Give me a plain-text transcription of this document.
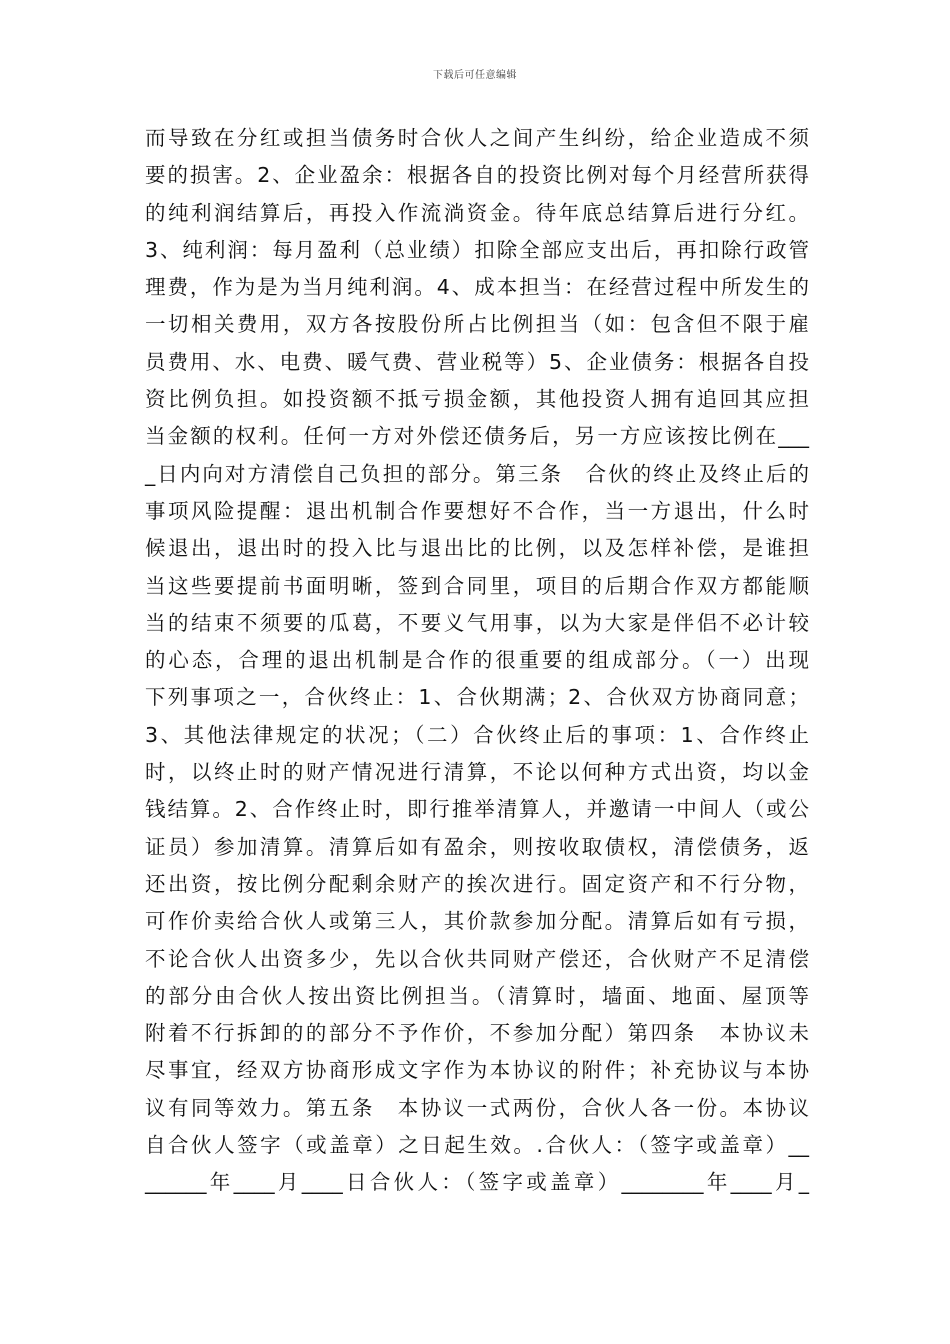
下载后可任意编辑
而导致在分红或担当债务时合伙人之间产生纠纷，给企业造成不须
要的损害。2、企业盈余：根据各自的投资比例对每个月经营所获得
的纯利润结算后，再投入作流淌资金。待年底总结算后进行分红。
3、纯利润：每月盈利（总业绩）扣除全部应支出后，再扣除行政管
理费，作为是为当月纯利润。4、成本担当：在经营过程中所发生的
一切相关费用，双方各按股份所占比例担当（如：包含但不限于雇
员费用、水、电费、暖气费、营业税等）5、企业债务：根据各自投
资比例负担。如投资额不抵亏损金额，其他投资人拥有追回其应担
当金额的权利。任何一方对外偿还债务后，另一方应该按比例在___
_日内向对方清偿自己负担的部分。第三条　合伙的终止及终止后的
事项风险提醒：退出机制合作要想好不合作，当一方退出，什么时
候退出，退出时的投入比与退出比的比例，以及怎样补偿，是谁担
当这些要提前书面明晰，签到合同里，项目的后期合作双方都能顺
当的结束不须要的瓜葛，不要义气用事，以为大家是伴侣不必计较
的心态，合理的退出机制是合作的很重要的组成部分。（一）出现
下列事项之一，合伙终止：1、合伙期满；2、合伙双方协商同意；
3、其他法律规定的状况；（二）合伙终止后的事项：1、合作终止
时，以终止时的财产情况进行清算，不论以何种方式出资，均以金
钱结算。2、合作终止时，即行推举清算人，并邀请一中间人（或公
证员）参加清算。清算后如有盈余，则按收取债权，清偿债务，返
还出资，按比例分配剩余财产的挨次进行。固定资产和不行分物，
可作价卖给合伙人或第三人，其价款参加分配。清算后如有亏损，
不论合伙人出资多少，先以合伙共同财产偿还，合伙财产不足清偿
的部分由合伙人按出资比例担当。（清算时，墙面、地面、屋顶等
附着不行拆卸的的部分不予作价，不参加分配）第四条　本协议未
尽事宜，经双方协商形成文字作为本协议的附件；补充协议与本协
议有同等效力。第五条　本协议一式两份，合伙人各一份。本协议
自合伙人签字（或盖章）之日起生效。.合伙人：（签字或盖章）__
______年____月____日合伙人：（签字或盖章）________年____月_
